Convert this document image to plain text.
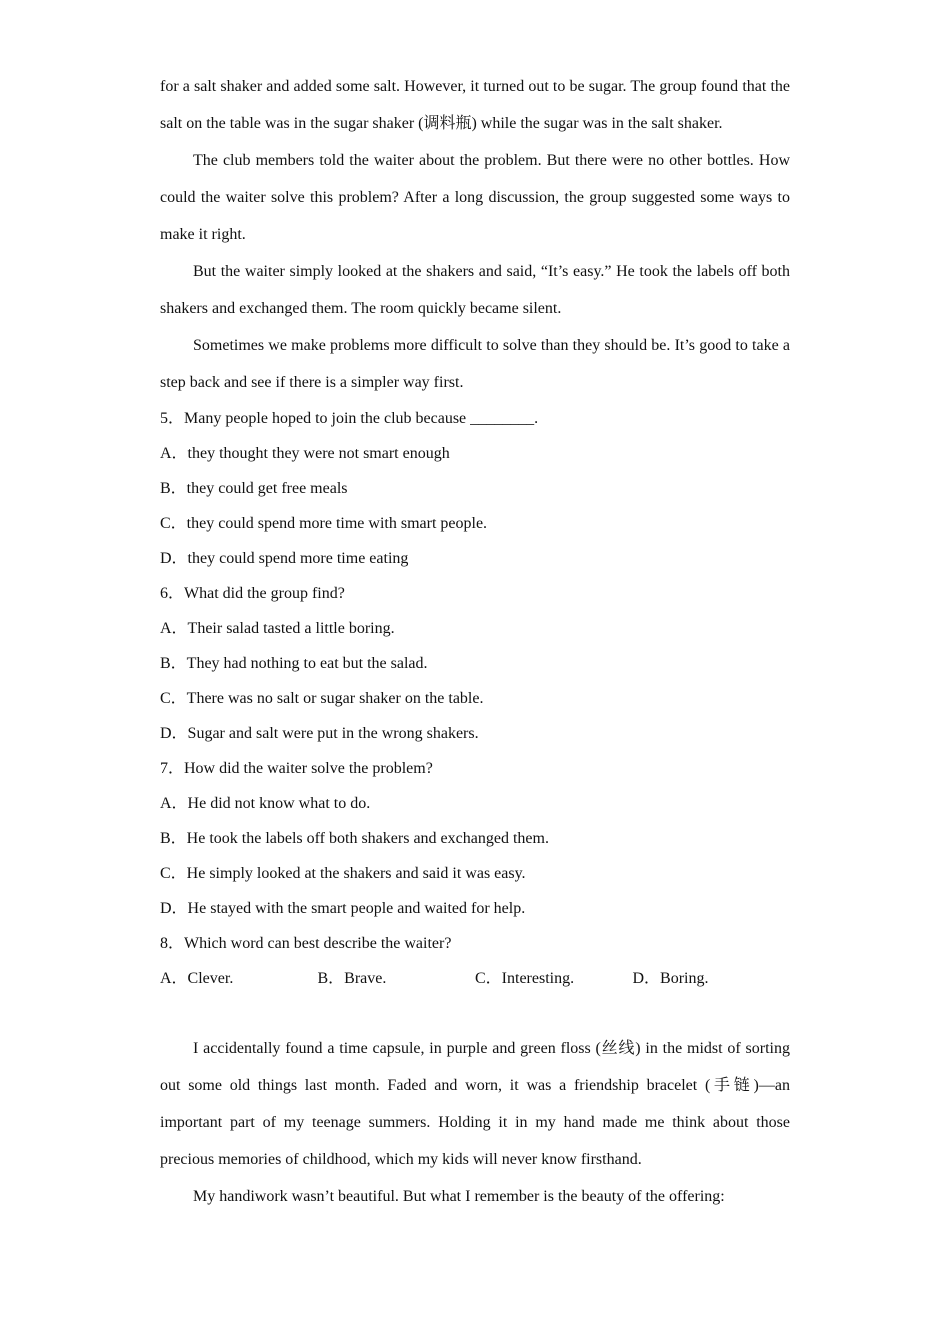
for a salt shaker and added some salt. However, it turned out to be sugar. The group found that the salt on the table was in the sugar shaker (调料瓶) while the sugar was in the salt shaker.

The club members told the waiter about the problem. But there were no other bottles. How could the waiter solve this problem? After a long discussion, the group suggested some ways to make it right.

But the waiter simply looked at the shakers and said, “It’s easy.” He took the labels off both shakers and exchanged them. The room quickly became silent.

Sometimes we make problems more difficult to solve than they should be. It’s good to take a step back and see if there is a simpler way first.

5．Many people hoped to join the club because ________.

A．they thought they were not smart enough

B．they could get free meals

C．they could spend more time with smart people.

D．they could spend more time eating

6．What did the group find?

A．Their salad tasted a little boring.

B．They had nothing to eat but the salad.

C．There was no salt or sugar shaker on the table.

D．Sugar and salt were put in the wrong shakers.

7．How did the waiter solve the problem?

A．He did not know what to do.

B．He took the labels off both shakers and exchanged them.

C．He simply looked at the shakers and said it was easy.

D．He stayed with the smart people and waited for help.

8．Which word can best describe the waiter?

A．Clever.	B．Brave.	C．Interesting.	D．Boring.

I accidentally found a time capsule, in purple and green floss (丝线) in the midst of sorting out some old things last month. Faded and worn, it was a friendship bracelet (手链)—an important part of my teenage summers. Holding it in my hand made me think about those precious memories of childhood, which my kids will never know firsthand.

My handiwork wasn’t beautiful. But what I remember is the beauty of the offering:
